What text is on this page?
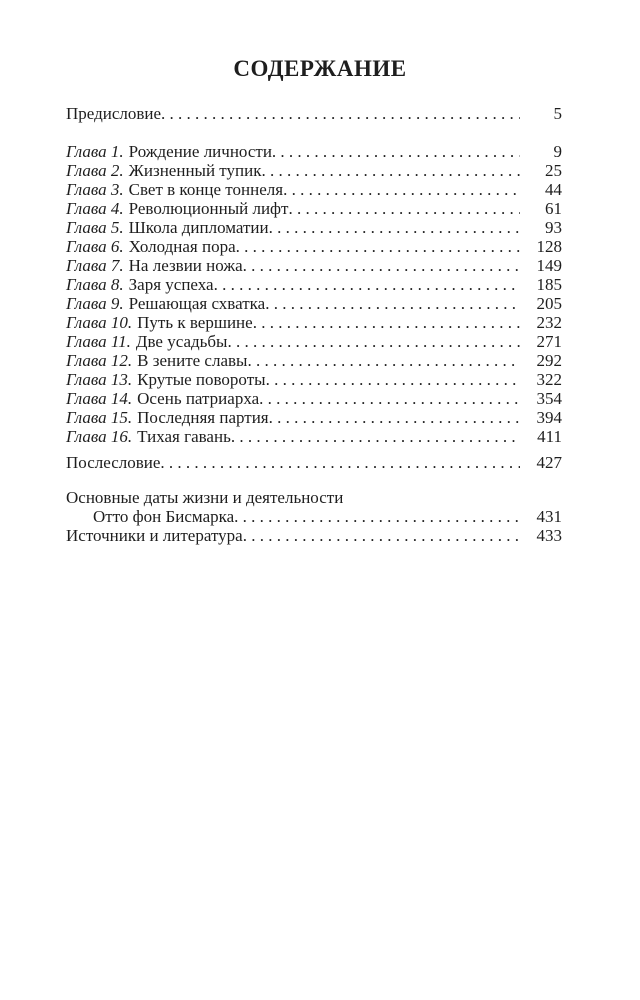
СОДЕРЖАНИЕ
Предисловие . . .	5
Глава 1. Рождение личности . . .	9
Глава 2. Жизненный тупик . . .	25
Глава 3. Свет в конце тоннеля . . .	44
Глава 4. Революционный лифт . . .	61
Глава 5. Школа дипломатии . . .	93
Глава 6. Холодная пора . . .	128
Глава 7. На лезвии ножа . . .	149
Глава 8. Заря успеха . . .	185
Глава 9. Решающая схватка . . .	205
Глава 10. Путь к вершине . . .	232
Глава 11. Две усадьбы . . .	271
Глава 12. В зените славы . . .	292
Глава 13. Крутые повороты . . .	322
Глава 14. Осень патриарха . . .	354
Глава 15. Последняя партия . . .	394
Глава 16. Тихая гавань . . .	411
Послесловие . . .	427
Основные даты жизни и деятельности
Отто фон Бисмарка . . .	431
Источники и литература . . .	433
